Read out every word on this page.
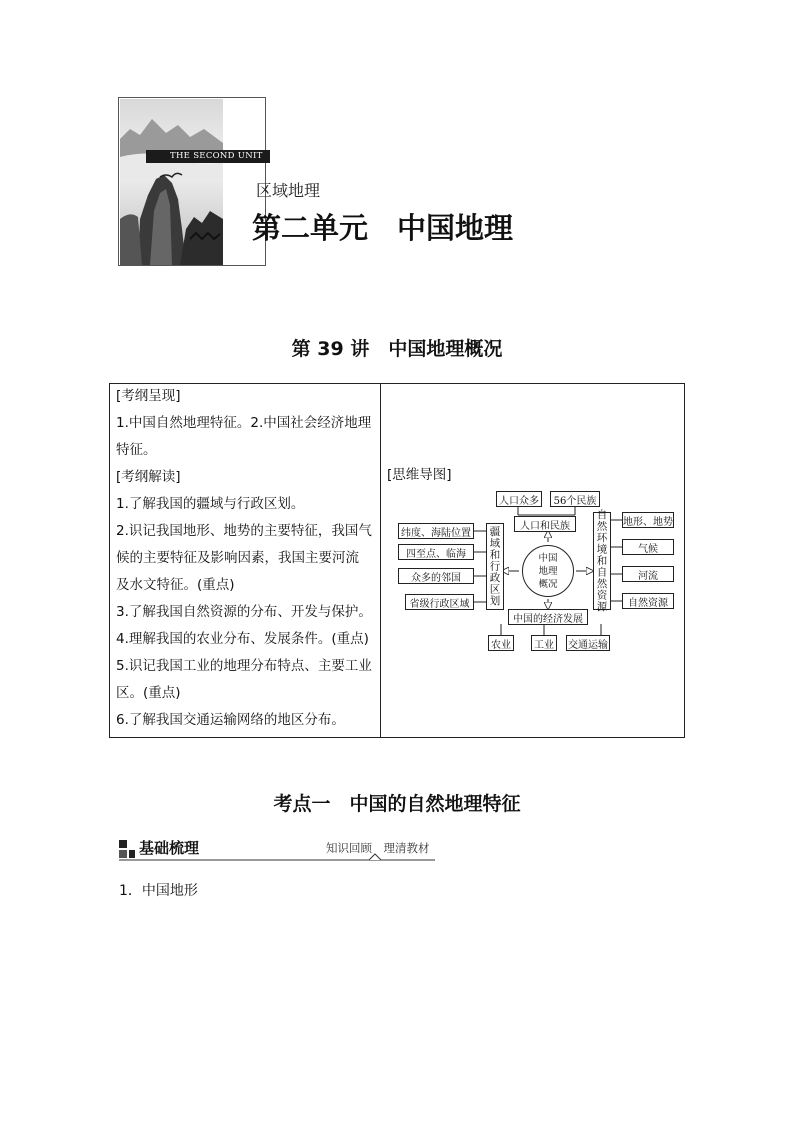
THE SECOND UNIT
区域地理
第二单元　中国地理
第 39 讲　中国地理概况
[考纲呈现]
1.中国自然地理特征。2.中国社会经济地理
特征。
[考纲解读]
1.了解我国的疆域与行政区划。
2.识记我国地形、地势的主要特征，我国气
候的主要特征及影响因素，我国主要河流
及水文特征。(重点)
3.了解我国自然资源的分布、开发与保护。
4.理解我国的农业分布、发展条件。(重点)
5.识记我国工业的地理分布特点、主要工业
区。(重点)
6.了解我国交通运输网络的地区分布。
[思维导图]
人口众多	56个民族
人口和民族
纬度、海陆位置
四至点、临海
众多的邻国
省级行政区域	疆域和行政区划	中国地理概况	自然环境和自然资源	地形、地势
气候
河流
自然资源
中国的经济发展
农业	工业	交通运输
考点一　中国的自然地理特征
基础梳理	知识回顾　理清教材
1．中国地形
